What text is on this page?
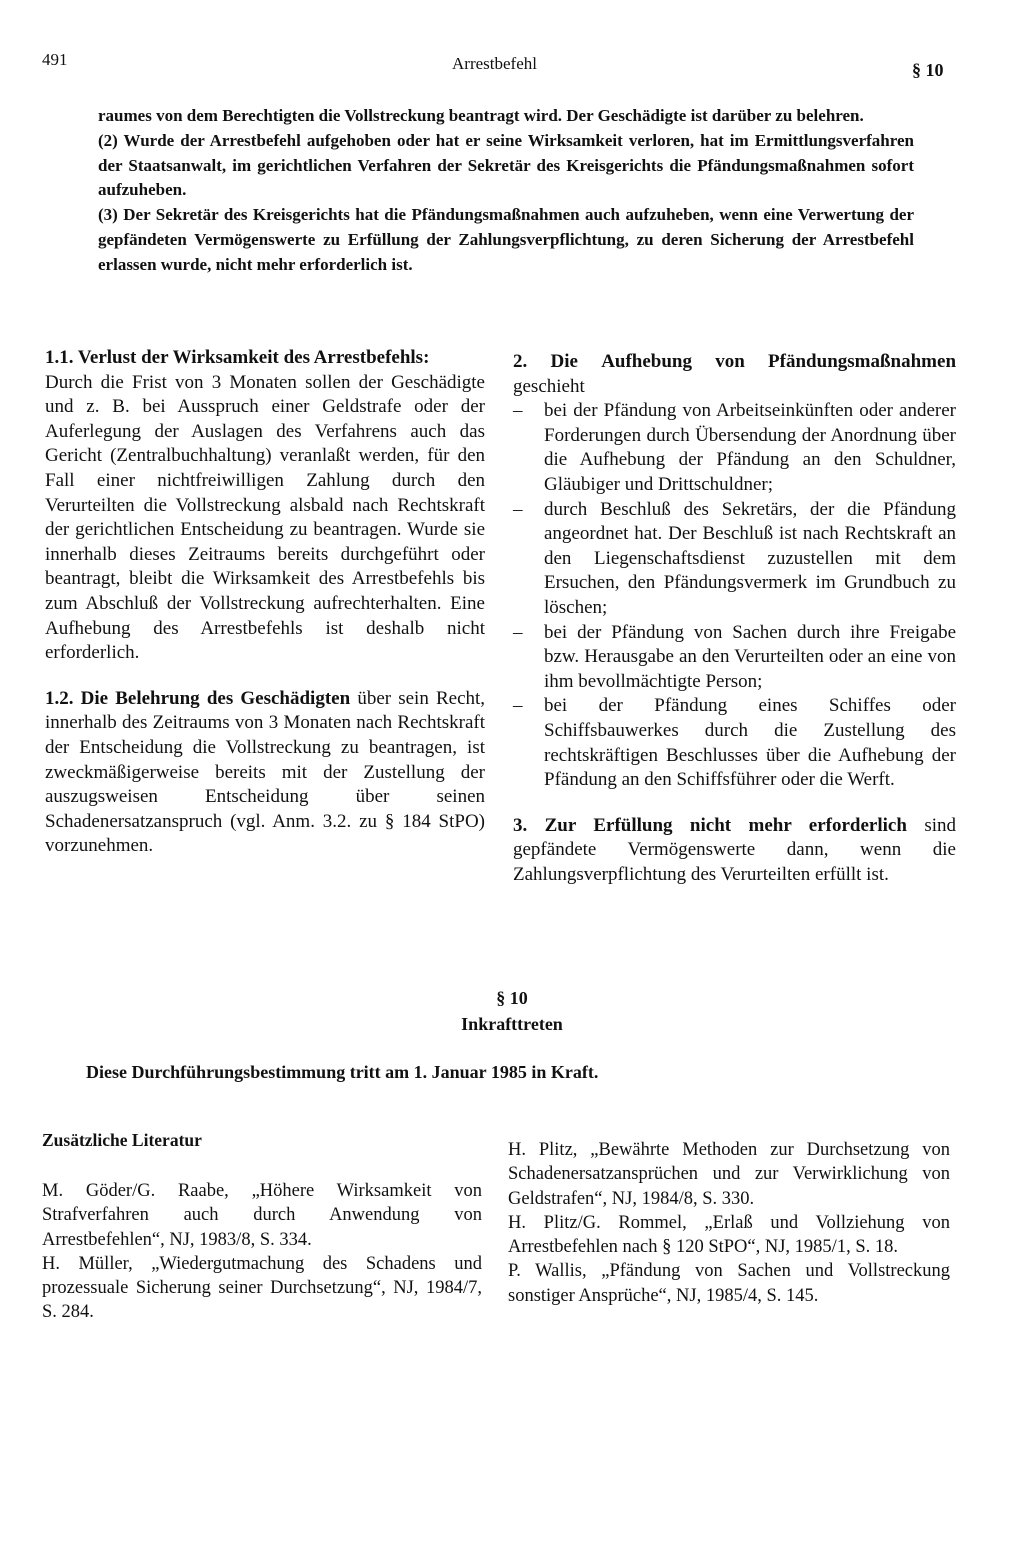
491	Arrestbefehl	§ 10

raumes von dem Berechtigten die Vollstreckung beantragt wird. Der Geschädigte ist darüber zu belehren.

(2) Wurde der Arrestbefehl aufgehoben oder hat er seine Wirksamkeit verloren, hat im Ermittlungsverfahren der Staatsanwalt, im gerichtlichen Verfahren der Sekretär des Kreisgerichts die Pfändungsmaßnahmen sofort aufzuheben.

(3) Der Sekretär des Kreisgerichts hat die Pfändungsmaßnahmen auch aufzuheben, wenn eine Verwertung der gepfändeten Vermögenswerte zu Erfüllung der Zahlungsverpflichtung, zu deren Sicherung der Arrestbefehl erlassen wurde, nicht mehr erforderlich ist.

1.1. Verlust der Wirksamkeit des Arrestbefehls:
Durch die Frist von 3 Monaten sollen der Geschädigte und z. B. bei Ausspruch einer Geldstrafe oder der Auferlegung der Auslagen des Verfahrens auch das Gericht (Zentralbuchhaltung) veranlaßt werden, für den Fall einer nichtfreiwilligen Zahlung durch den Verurteilten die Vollstreckung alsbald nach Rechtskraft der gerichtlichen Entscheidung zu beantragen. Wurde sie innerhalb dieses Zeitraums bereits durchgeführt oder beantragt, bleibt die Wirksamkeit des Arrestbefehls bis zum Abschluß der Vollstreckung aufrechterhalten. Eine Aufhebung des Arrestbefehls ist deshalb nicht erforderlich.

1.2. Die Belehrung des Geschädigten über sein Recht, innerhalb des Zeitraums von 3 Monaten nach Rechtskraft der Entscheidung die Vollstreckung zu beantragen, ist zweckmäßigerweise bereits mit der Zustellung der auszugsweisen Entscheidung über seinen Schadenersatzanspruch (vgl. Anm. 3.2. zu § 184 StPO) vorzunehmen.

2. Die Aufhebung von Pfändungsmaßnahmen geschieht

– bei der Pfändung von Arbeitseinkünften oder anderer Forderungen durch Übersendung der Anordnung über die Aufhebung der Pfändung an den Schuldner, Gläubiger und Drittschuldner;
– durch Beschluß des Sekretärs, der die Pfändung angeordnet hat. Der Beschluß ist nach Rechtskraft an den Liegenschaftsdienst zuzustellen mit dem Ersuchen, den Pfändungsvermerk im Grundbuch zu löschen;
– bei der Pfändung von Sachen durch ihre Freigabe bzw. Herausgabe an den Verurteilten oder an eine von ihm bevollmächtigte Person;
– bei der Pfändung eines Schiffes oder Schiffsbauwerkes durch die Zustellung des rechtskräftigen Beschlusses über die Aufhebung der Pfändung an den Schiffsführer oder die Werft.

3. Zur Erfüllung nicht mehr erforderlich sind gepfändete Vermögenswerte dann, wenn die Zahlungsverpflichtung des Verurteilten erfüllt ist.

§ 10
Inkrafttreten
Diese Durchführungsbestimmung tritt am 1. Januar 1985 in Kraft.
Zusätzliche Literatur

M. Göder/G. Raabe, „Höhere Wirksamkeit von Strafverfahren auch durch Anwendung von Arrestbefehlen“, NJ, 1983/8, S. 334.

H. Müller, „Wiedergutmachung des Schadens und prozessuale Sicherung seiner Durchsetzung“, NJ, 1984/7, S. 284.

H. Plitz, „Bewährte Methoden zur Durchsetzung von Schadenersatzansprüchen und zur Verwirklichung von Geldstrafen“, NJ, 1984/8, S. 330.

H. Plitz/G. Rommel, „Erlaß und Vollziehung von Arrestbefehlen nach § 120 StPO“, NJ, 1985/1, S. 18.

P. Wallis, „Pfändung von Sachen und Vollstreckung sonstiger Ansprüche“, NJ, 1985/4, S. 145.
